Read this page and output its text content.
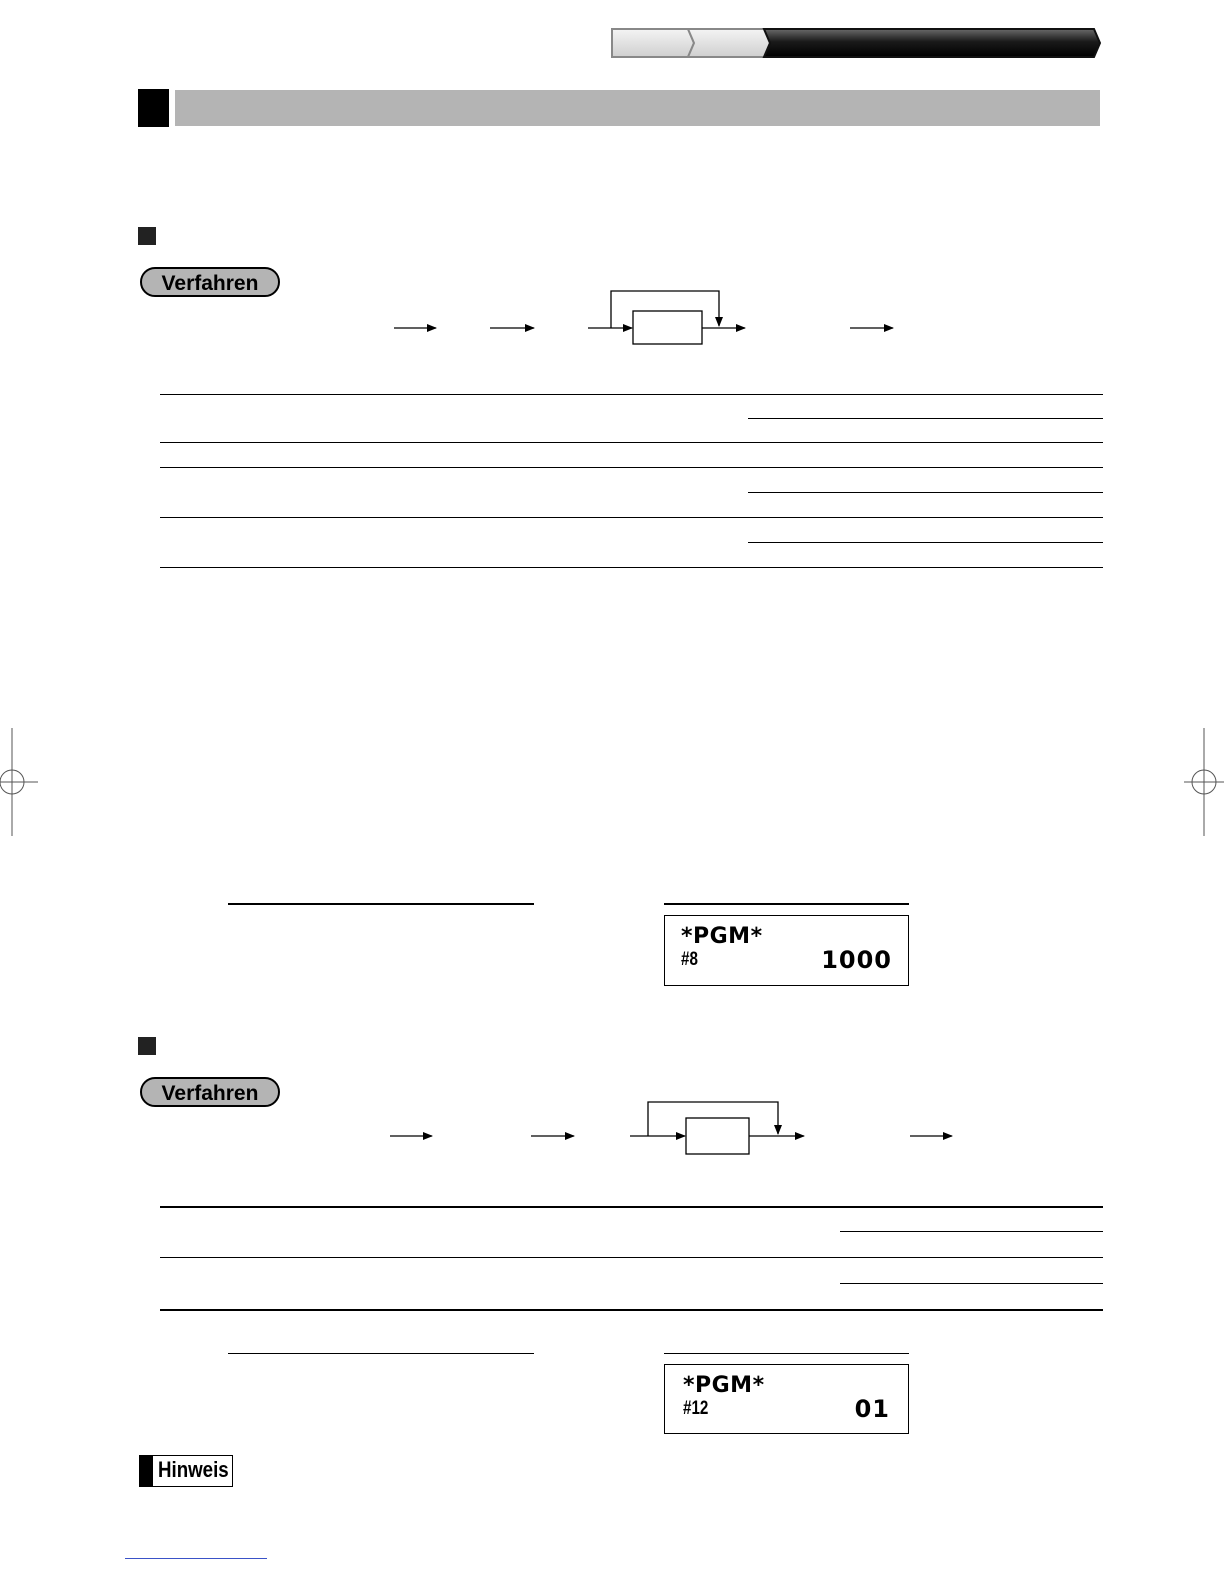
Verfahren
*PGM*
#8	1000
Verfahren
*PGM*
#12	01
Hinweis
